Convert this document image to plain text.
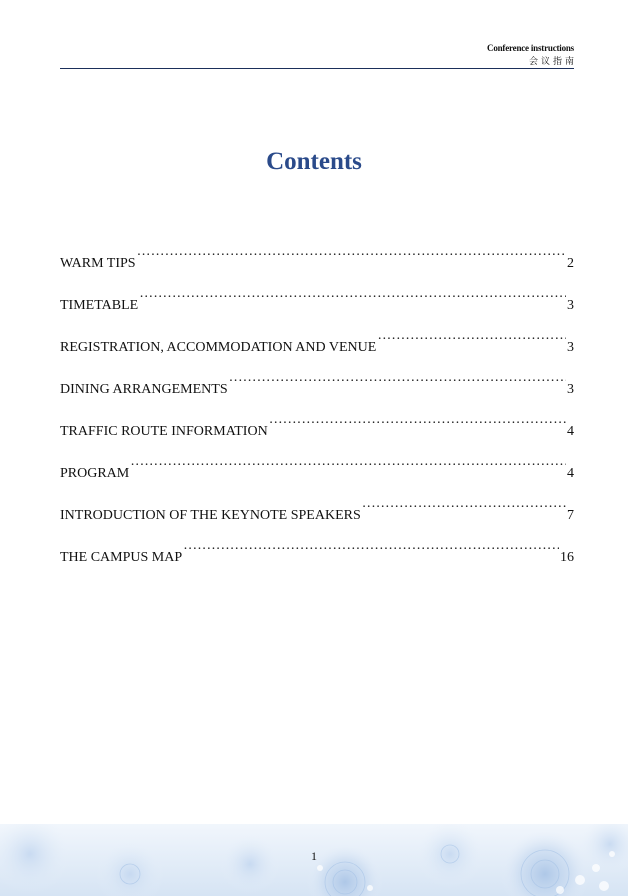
Conference instructions
会议指南
Contents
WARM TIPS ·····	2
TIMETABLE ·····	3
REGISTRATION, ACCOMMODATION AND VENUE ·····	3
DINING ARRANGEMENTS ·····	3
TRAFFIC ROUTE INFORMATION ·····	4
PROGRAM ·····	4
INTRODUCTION OF THE KEYNOTE SPEAKERS ·····	7
THE CAMPUS MAP ·····	16
1
